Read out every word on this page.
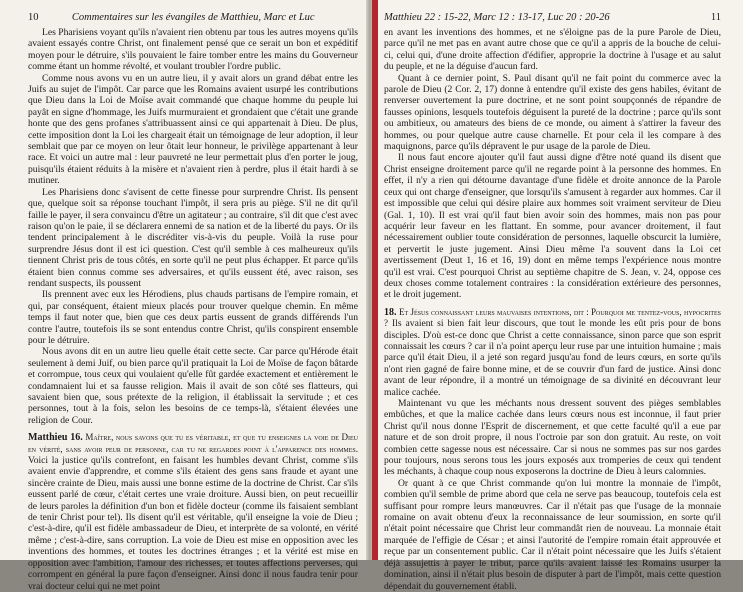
10	Commentaires sur les évangiles de Matthieu, Marc et Luc

Les Pharisiens voyant qu'ils n'avaient rien obtenu par tous les autres moyens qu'ils avaient essayés contre Christ, ont finalement pensé que ce serait un bon et expéditif moyen pour le détruire, s'ils pouvaient le faire tomber entre les mains du Gouverneur comme étant un homme révolté, et voulant troubler l'ordre public.

Comme nous avons vu en un autre lieu, il y avait alors un grand débat entre les Juifs au sujet de l'impôt. Car parce que les Romains avaient usurpé les contributions que Dieu dans la Loi de Moïse avait commandé que chaque homme du peuple lui payât en signe d'hommage, les Juifs murmuraient et grondaient que c'était une grande honte que des gens profanes s'attribuassent ainsi ce qui appartenait à Dieu. De plus, cette imposition dont la Loi les chargeait était un témoignage de leur adoption, il leur semblait que par ce moyen on leur ôtait leur honneur, le privilège appartenant à leur race. Et voici un autre mal : leur pauvreté ne leur permettait plus d'en porter le joug, puisqu'ils étaient réduits à la misère et n'avaient rien à perdre, plus il était hardi à se mutiner.

Les Pharisiens donc s'avisent de cette finesse pour surprendre Christ. Ils pensent que, quelque soit sa réponse touchant l'impôt, il sera pris au piège. S'il ne dit qu'il faille le payer, il sera convaincu d'être un agitateur ; au contraire, s'il dit que c'est avec raison qu'on le paie, il se déclarera ennemi de sa nation et de la liberté du pays. Or ils tendent principalement à le discréditer vis-à-vis du peuple. Voilà la ruse pour surprendre Jésus dont il est ici question. C'est qu'il semble à ces malheureux qu'ils tiennent Christ pris de tous côtés, en sorte qu'il ne peut plus échapper. Et parce qu'ils étaient bien connus comme ses adversaires, et qu'ils eussent été, avec raison, ses rendant suspects, ils poussent

Ils prennent avec eux les Hérodiens, plus chauds partisans de l'empire romain, et qui, par conséquent, étaient mieux placés pour trouver quelque chemin. En même temps il faut noter que, bien que ces deux partis eussent de grands différends l'un contre l'autre, toutefois ils se sont entendus contre Christ, qu'ils conspirent ensemble pour le détruire.

Nous avons dit en un autre lieu quelle était cette secte. Car parce qu'Hérode était seulement à demi Juif, ou bien parce qu'il pratiquait la Loi de Moïse de façon bâtarde et corrompue, tous ceux qui voulaient qu'elle fût gardée exactement et entièrement le condamnaient lui et sa fausse religion. Mais il avait de son côté ses flatteurs, qui savaient bien que, sous prétexte de la religion, il établissait la servitude ; et ces personnes, tout à la fois, selon les besoins de ce temps-là, s'étaient élevées une religion de Cour.

Matthieu 16. Maître, nous savons que tu es véritable, et que tu enseignes la voie de Dieu en vérité, sans avoir peur de personne, car tu ne regardes point à l'apparence des hommes. Voici la justice qu'ils contrefont, en faisant les humbles devant Christ, comme s'ils avaient envie d'apprendre, et comme s'ils étaient des gens sans fraude et ayant une sincère crainte de Dieu, mais aussi une bonne estime de la doctrine de Christ. Car s'ils eussent parlé de cœur, c'était certes une vraie droiture. Aussi bien, on peut recueillir de leurs paroles la définition d'un bon et fidèle docteur (comme ils faisaient semblant de tenir Christ pour tel). Ils disent qu'il est véritable, qu'il enseigne la voie de Dieu ; c'est-à-dire, qu'il est fidèle ambassadeur de Dieu, et interprète de sa volonté, en vérité même ; c'est-à-dire, sans corruption. La voie de Dieu est mise en opposition avec les inventions des hommes, et toutes les doctrines étranges ; et la vérité est mise en opposition avec l'ambition, l'amour des richesses, et toutes affections perverses, qui corrompent en général la pure façon d'enseigner. Ainsi donc il nous faudra tenir pour vrai docteur celui qui ne met point

Matthieu 22 : 15-22, Marc 12 : 13-17, Luc 20 : 20-26	11

en avant les inventions des hommes, et ne s'éloigne pas de la pure Parole de Dieu, parce qu'il ne met pas en avant autre chose que ce qu'il a appris de la bouche de celui-ci, celui qui, d'une droite affection d'édifier, approprie la doctrine à l'usage et au salut du peuple, et ne la déguise d'aucun fard.

Quant à ce dernier point, S. Paul disant qu'il ne fait point du commerce avec la parole de Dieu (2 Cor. 2, 17) donne à entendre qu'il existe des gens habiles, évitant de renverser ouvertement la pure doctrine, et ne sont point soupçonnés de répandre de fausses opinions, lesquels toutefois déguisent la pureté de la doctrine ; parce qu'ils sont ou ambitieux, ou amateurs des biens de ce monde, ou aiment à s'attirer la faveur des hommes, ou pour quelque autre cause charnelle. Et pour cela il les compare à des maquignons, parce qu'ils dépravent le pur usage de la parole de Dieu.

Il nous faut encore ajouter qu'il faut aussi digne d'être noté quand ils disent que Christ enseigne droitement parce qu'il ne regarde point à la personne des hommes. En effet, il n'y a rien qui détourne davantage d'une fidèle et droite annonce de la Parole ceux qui ont charge d'enseigner, que lorsqu'ils s'amusent à regarder aux hommes. Car il est impossible que celui qui désire plaire aux hommes soit vraiment serviteur de Dieu (Gal. 1, 10). Il est vrai qu'il faut bien avoir soin des hommes, mais non pas pour acquérir leur faveur en les flattant. En somme, pour avancer droitement, il faut nécessairement oublier toute considération de personnes, laquelle obscurcit la lumière, et pervertit le juste jugement. Ainsi Dieu même l'a souvent dans la Loi cet avertissement (Deut 1, 16 et 16, 19) dont en même temps l'expérience nous montre qu'il est vrai. C'est pourquoi Christ au septième chapitre de S. Jean, v. 24, oppose ces deux choses comme totalement contraires : la considération extérieure des personnes, et le droit jugement.

18. Et Jésus connaissant leurs mauvaises intentions, dit : Pourquoi me tentez-vous, hypocrites ? Ils avaient si bien fait leur discours, que tout le monde les eût pris pour de bons disciples. D'où est-ce donc que Christ a cette connaissance, sinon parce que son esprit connaissait les cœurs ? car il n'a point aperçu leur ruse par une intuition humaine ; mais parce qu'il était Dieu, il a jeté son regard jusqu'au fond de leurs cœurs, en sorte qu'ils n'ont rien gagné de faire bonne mine, et de se couvrir d'un fard de justice. Ainsi donc avant de leur répondre, il a montré un témoignage de sa divinité en découvrant leur malice cachée.

Maintenant vu que les méchants nous dressent souvent des pièges semblables embûches, et que la malice cachée dans leurs cœurs nous est inconnue, il faut prier Christ qu'il nous donne l'Esprit de discernement, et que cette faculté qu'il a eue par nature et de son droit propre, il nous l'octroie par son don gratuit. Au reste, on voit combien cette sagesse nous est nécessaire. Car si nous ne sommes pas sur nos gardes pour toujours, nous serons tous les jours exposés aux tromperies de ceux qui tendent les méchants, à chaque coup nous exposerons la doctrine de Dieu à leurs calomnies.

Or quant à ce que Christ commande qu'on lui montre la monnaie de l'impôt, combien qu'il semble de prime abord que cela ne serve pas beaucoup, toutefois cela est suffisant pour rompre leurs manœuvres. Car il n'était pas que l'usage de la monnaie romaine on avait obtenu d'eux la reconnaissance de leur soumission, en sorte qu'il n'était point nécessaire que Christ leur commandât rien de nouveau. La monnaie était marquée de l'effigie de César ; et ainsi l'autorité de l'empire romain était approuvée et reçue par un consentement public. Car il n'était point nécessaire que les Juifs s'étaient déjà assujettis à payer le tribut, parce qu'ils avaient laissé les Romains usurper la domination, ainsi il n'était plus besoin de disputer à part de l'impôt, mais cette question dépendait du gouvernement établi.
